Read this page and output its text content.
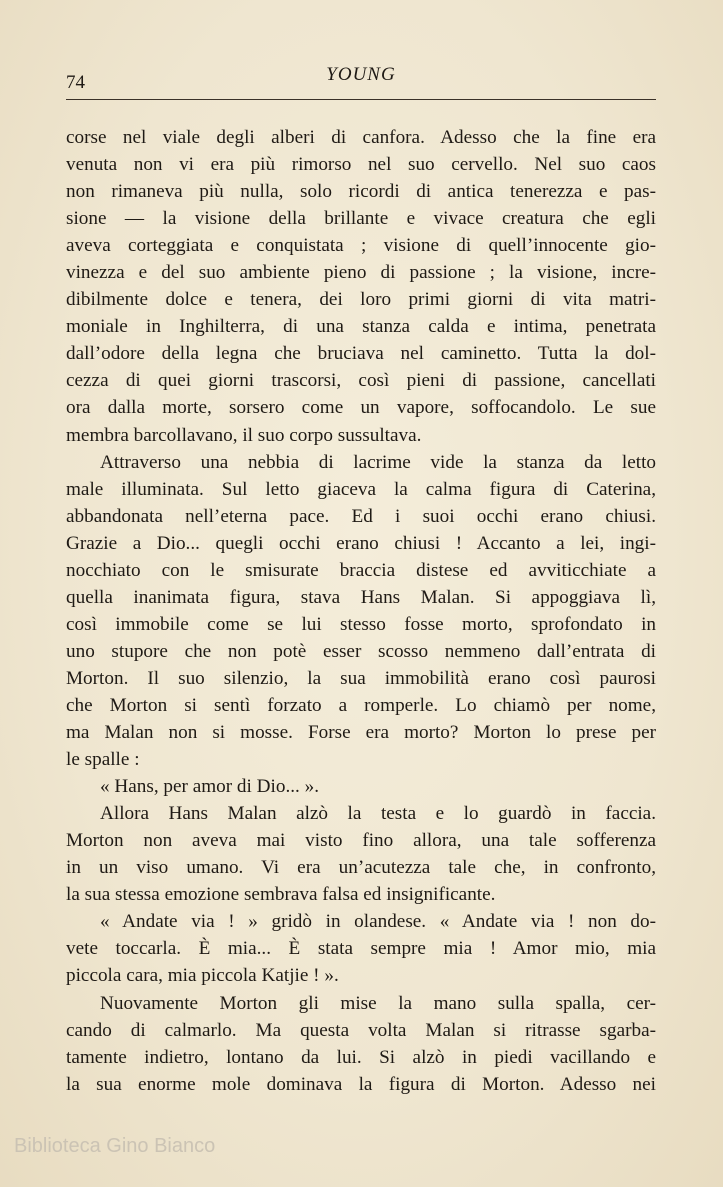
74	YOUNG
corse nel viale degli alberi di canfora. Adesso che la fine era
venuta non vi era più rimorso nel suo cervello. Nel suo caos
non rimaneva più nulla, solo ricordi di antica tenerezza e pas-
sione — la visione della brillante e vivace creatura che egli
aveva corteggiata e conquistata ; visione di quell’innocente gio-
vinezza e del suo ambiente pieno di passione ; la visione, incre-
dibilmente dolce e tenera, dei loro primi giorni di vita matri-
moniale in Inghilterra, di una stanza calda e intima, penetrata
dall’odore della legna che bruciava nel caminetto. Tutta la dol-
cezza di quei giorni trascorsi, così pieni di passione, cancellati
ora dalla morte, sorsero come un vapore, soffocandolo. Le sue
membra barcollavano, il suo corpo sussultava.
Attraverso una nebbia di lacrime vide la stanza da letto
male illuminata. Sul letto giaceva la calma figura di Caterina,
abbandonata nell’eterna pace. Ed i suoi occhi erano chiusi.
Grazie a Dio... quegli occhi erano chiusi ! Accanto a lei, ingi-
nocchiato con le smisurate braccia distese ed avviticchiate a
quella inanimata figura, stava Hans Malan. Si appoggiava lì,
così immobile come se lui stesso fosse morto, sprofondato in
uno stupore che non potè esser scosso nemmeno dall’entrata di
Morton. Il suo silenzio, la sua immobilità erano così paurosi
che Morton si sentì forzato a romperle. Lo chiamò per nome,
ma Malan non si mosse. Forse era morto? Morton lo prese per
le spalle :
« Hans, per amor di Dio... ».
Allora Hans Malan alzò la testa e lo guardò in faccia.
Morton non aveva mai visto fino allora, una tale sofferenza
in un viso umano. Vi era un’acutezza tale che, in confronto,
la sua stessa emozione sembrava falsa ed insignificante.
« Andate via ! » gridò in olandese. « Andate via ! non do-
vete toccarla. È mia... È stata sempre mia ! Amor mio, mia
piccola cara, mia piccola Katjie ! ».
Nuovamente Morton gli mise la mano sulla spalla, cer-
cando di calmarlo. Ma questa volta Malan si ritrasse sgarba-
tamente indietro, lontano da lui. Si alzò in piedi vacillando e
la sua enorme mole dominava la figura di Morton. Adesso nei
Biblioteca Gino Bianco
